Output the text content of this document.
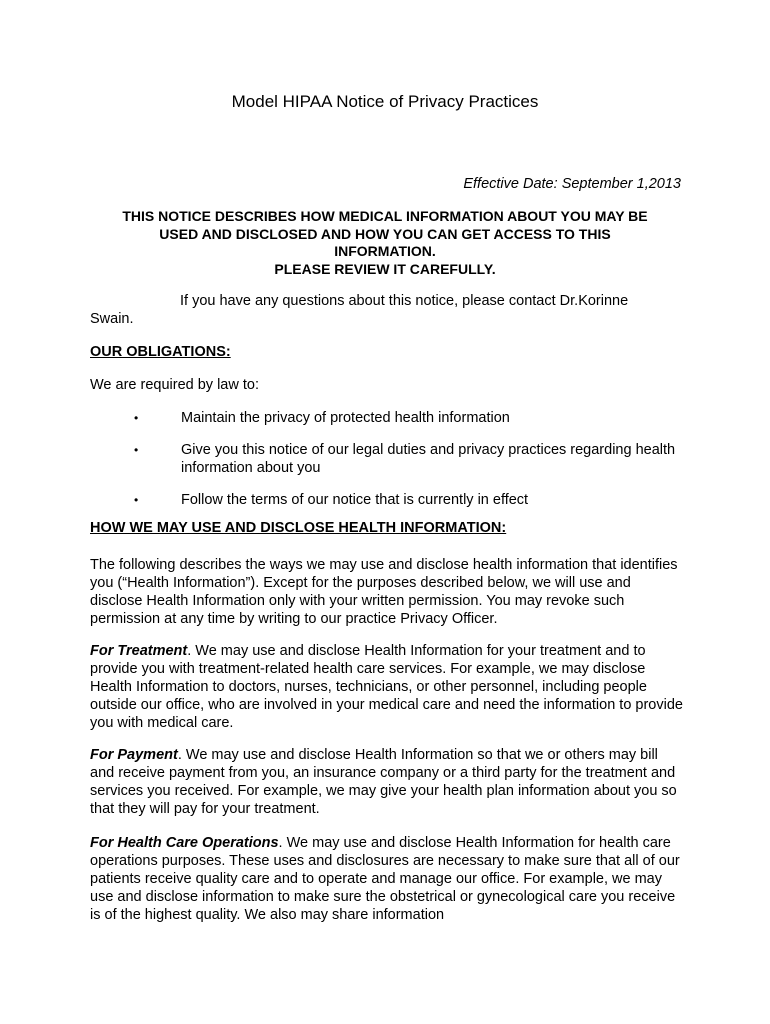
Model HIPAA Notice of Privacy Practices
Effective Date: September 1,2013
THIS NOTICE DESCRIBES HOW MEDICAL INFORMATION ABOUT YOU MAY BE
USED AND DISCLOSED AND HOW YOU CAN GET ACCESS TO THIS
INFORMATION.
PLEASE REVIEW IT CAREFULLY.
If you have any questions about this notice, please contact Dr.Korinne
Swain.
OUR OBLIGATIONS:
We are required by law to:
•	Maintain the privacy of protected health information
•	Give you this notice of our legal duties and privacy practices regarding health information about you
•	Follow the terms of our notice that is currently in effect
HOW WE MAY USE AND DISCLOSE HEALTH INFORMATION:
The following describes the ways we may use and disclose health information that identifies you (“Health Information”). Except for the purposes described below, we will use and disclose Health Information only with your written permission. You may revoke such permission at any time by writing to our practice Privacy Officer.
For Treatment. We may use and disclose Health Information for your treatment and to provide you with treatment-related health care services. For example, we may disclose Health Information to doctors, nurses, technicians, or other personnel, including people outside our office, who are involved in your medical care and need the information to provide you with medical care.
For Payment. We may use and disclose Health Information so that we or others may bill and receive payment from you, an insurance company or a third party for the treatment and services you received. For example, we may give your health plan information about you so that they will pay for your treatment.
For Health Care Operations. We may use and disclose Health Information for health care operations purposes. These uses and disclosures are necessary to make sure that all of our patients receive quality care and to operate and manage our office. For example, we may use and disclose information to make sure the obstetrical or gynecological care you receive is of the highest quality. We also may share information
